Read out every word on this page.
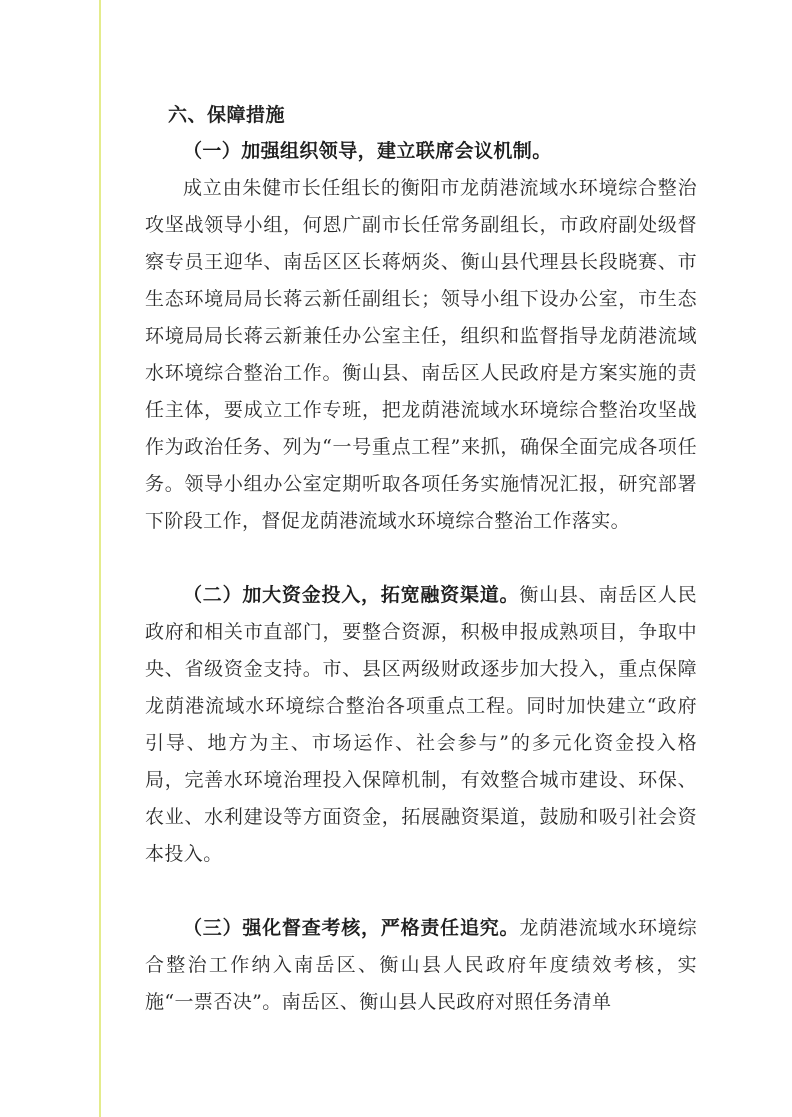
六、保障措施

（一）加强组织领导，建立联席会议机制。
成立由朱健市长任组长的衡阳市龙荫港流域水环境综合整治攻坚战领导小组，何恩广副市长任常务副组长，市政府副处级督察专员王迎华、南岳区区长蒋炳炎、衡山县代理县长段晓赛、市生态环境局局长蒋云新任副组长；领导小组下设办公室，市生态环境局局长蒋云新兼任办公室主任，组织和监督指导龙荫港流域水环境综合整治工作。衡山县、南岳区人民政府是方案实施的责任主体，要成立工作专班，把龙荫港流域水环境综合整治攻坚战作为政治任务、列为“一号重点工程”来抓，确保全面完成各项任务。领导小组办公室定期听取各项任务实施情况汇报，研究部署下阶段工作，督促龙荫港流域水环境综合整治工作落实。

（二）加大资金投入，拓宽融资渠道。衡山县、南岳区人民政府和相关市直部门，要整合资源，积极申报成熟项目，争取中央、省级资金支持。市、县区两级财政逐步加大投入，重点保障龙荫港流域水环境综合整治各项重点工程。同时加快建立“政府引导、地方为主、市场运作、社会参与”的多元化资金投入格局，完善水环境治理投入保障机制，有效整合城市建设、环保、农业、水利建设等方面资金，拓展融资渠道，鼓励和吸引社会资本投入。

（三）强化督查考核，严格责任追究。龙荫港流域水环境综合整治工作纳入南岳区、衡山县人民政府年度绩效考核，实施“一票否决”。南岳区、衡山县人民政府对照任务清单
